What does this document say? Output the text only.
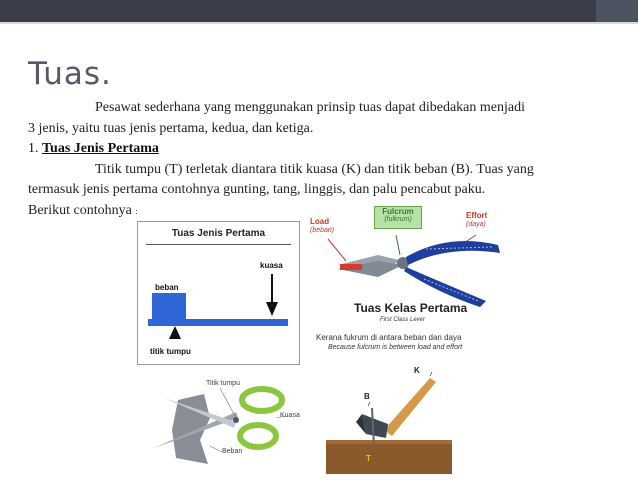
Tuas.
Pesawat sederhana yang menggunakan prinsip tuas dapat dibedakan menjadi
3 jenis, yaitu tuas jenis pertama, kedua, dan ketiga.
1. Tuas Jenis Pertama
Titik tumpu (T) terletak diantara titik kuasa (K) dan titik beban (B). Tuas yang
termasuk jenis pertama contohnya gunting, tang, linggis, dan palu pencabut paku.
Berikut contohnya :
Tuas Jenis Pertama
kuasa
beban
titik tumpu
Load
(beban)
Fulcrum
(fulkrum)	Effort
(daya)
Tuas Kelas Pertama
First Class Lever
Kerana fukrum di antara beban dan daya
Because fulcrum is between load and effort
Titik tumpu
Kuasa
Beban
K
B
T
